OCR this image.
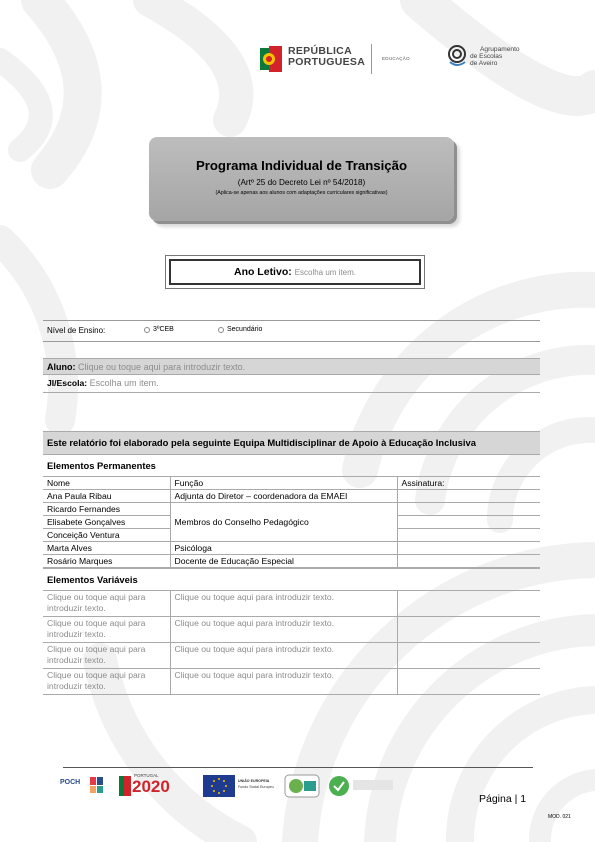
REPÚBLICA
PORTUGUESA	EDUCAÇÃO
Agrupamento
de Escolas
de Aveiro
Programa Individual de Transição
(Artº 25 do Decreto Lei nº 54/2018)
(Aplica-se apenas aos alunos com adaptações curriculares significativas)
Ano Letivo:
Escolha um item.
Nível de Ensino:	3ºCEB	Secundário
Aluno: Clique ou toque aqui para introduzir texto.
JI/Escola: Escolha um item.
Este relatório foi elaborado pela seguinte Equipa Multidisciplinar de Apoio à Educação Inclusiva
Elementos Permanentes
Nome	Função	Assinatura:
Ana Paula Ribau	Adjunta do Diretor – coordenadora da EMAEI	
Ricardo Fernandes	Membros do Conselho Pedagógico	
Elisabete Gonçalves		
Conceição Ventura		
Marta Alves	Psicóloga	
Rosário Marques	Docente de Educação Especial	
Elementos Variáveis
Clique ou toque aqui para introduzir texto.	Clique ou toque aqui para introduzir texto.	
Clique ou toque aqui para introduzir texto.	Clique ou toque aqui para introduzir texto.	
Clique ou toque aqui para introduzir texto.	Clique ou toque aqui para introduzir texto.	
Clique ou toque aqui para introduzir texto.	Clique ou toque aqui para introduzir texto.	
POCH
PORTUGAL
2020	UNIÃO EUROPEIA
Fundo Social Europeu
Página | 1
MOD. 021
